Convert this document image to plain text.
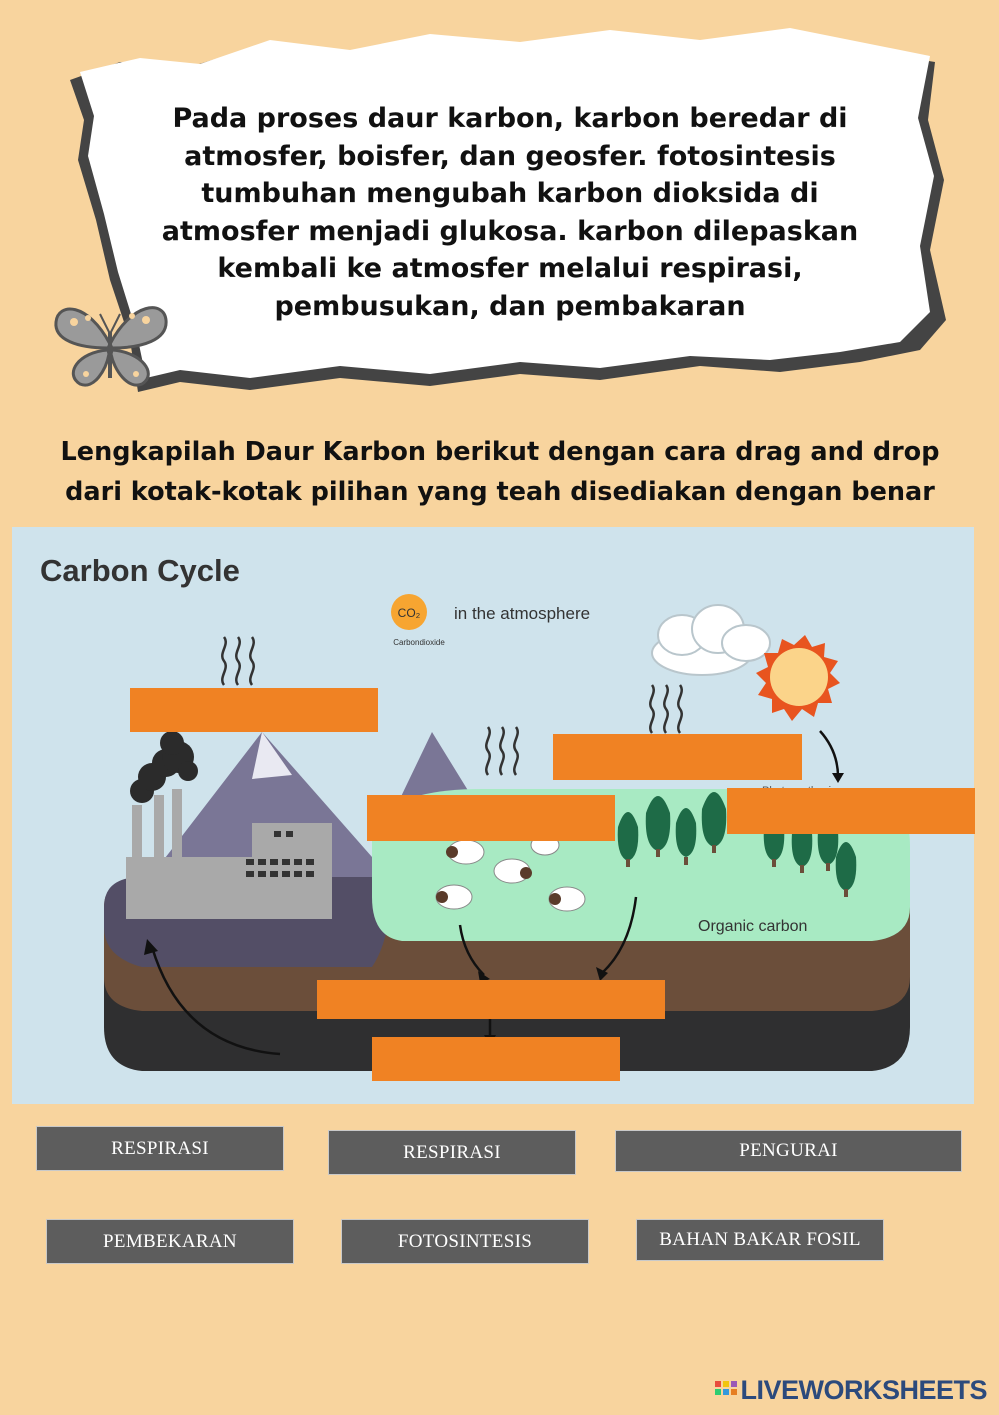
Pada proses daur karbon, karbon beredar di
atmosfer, boisfer, dan geosfer. fotosintesis
tumbuhan mengubah karbon dioksida di
atmosfer menjadi glukosa. karbon dilepaskan
kembali ke atmosfer melalui respirasi,
pembusukan, dan pembakaran
Lengkapilah Daur Karbon berikut dengan cara drag and drop
dari kotak-kotak pilihan yang teah disediakan dengan benar
Carbon Cycle
CO₂
Carbondioxide
in the atmosphere
Organic carbon
RESPIRASI	RESPIRASI	PENGURAI
PEMBEKARAN	FOTOSINTESIS	BAHAN BAKAR FOSIL
LIVEWORKSHEETS
